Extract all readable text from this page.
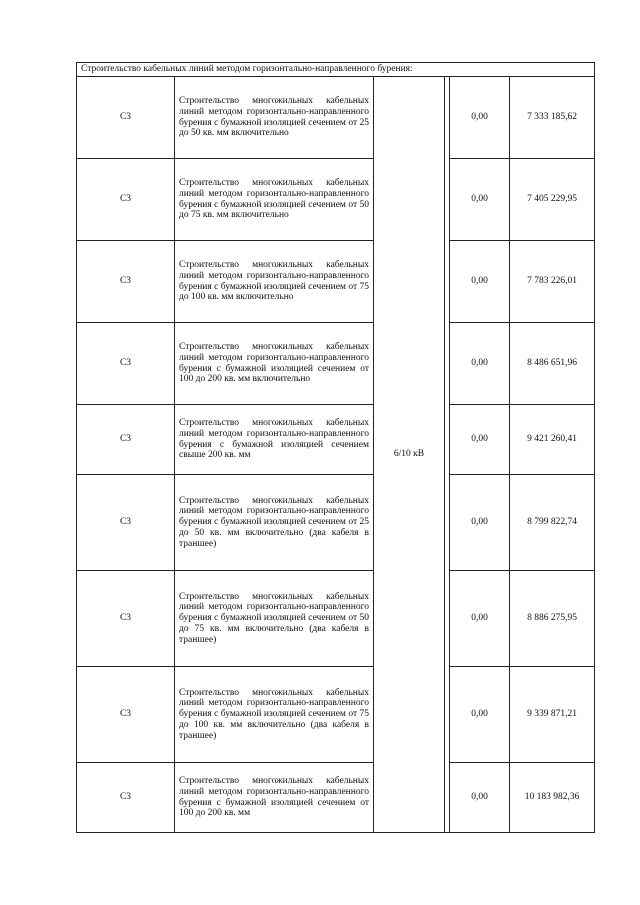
Строительство кабельных линий методом горизонтально-направленного бурения:					
С3	Строительство многожильных кабельных линий методом горизонтально-направленного бурения с бумажной изоляцией сечением от 25 до 50 кв. мм включительно	6/10 кВ		0,00	7 333 185,62
С3	Строительство многожильных кабельных линий методом горизонтально-направленного бурения с бумажной изоляцией сечением от 50 до 75 кв. мм включительно			0,00	7 405 229,95
С3	Строительство многожильных кабельных линий методом горизонтально-направленного бурения с бумажной изоляцией сечением от 75 до 100 кв. мм включительно			0,00	7 783 226,01
С3	Строительство многожильных кабельных линий методом горизонтально-направленного бурения с бумажной изоляцией сечением от 100 до 200 кв. мм включительно			0,00	8 486 651,96
С3	Строительство многожильных кабельных линий методом горизонтально-направленного бурения с бумажной изоляцией сечением свыше 200 кв. мм			0,00	9 421 260,41
С3	Строительство многожильных кабельных линий методом горизонтально-направленного бурения с бумажной изоляцией сечением от 25 до 50 кв. мм включительно (два кабеля в траншее)			0,00	8 799 822,74
С3	Строительство многожильных кабельных линий методом горизонтально-направленного бурения с бумажной изоляцией сечением от 50 до 75 кв. мм включительно (два кабеля в траншее)			0,00	8 886 275,95
С3	Строительство многожильных кабельных линий методом горизонтально-направленного бурения с бумажной изоляцией сечением от 75 до 100 кв. мм включительно (два кабеля в траншее)			0,00	9 339 871,21
С3	Строительство многожильных кабельных линий методом горизонтально-направленного бурения с бумажной изоляцией сечением от 100 до 200 кв. мм			0,00	10 183 982,36
